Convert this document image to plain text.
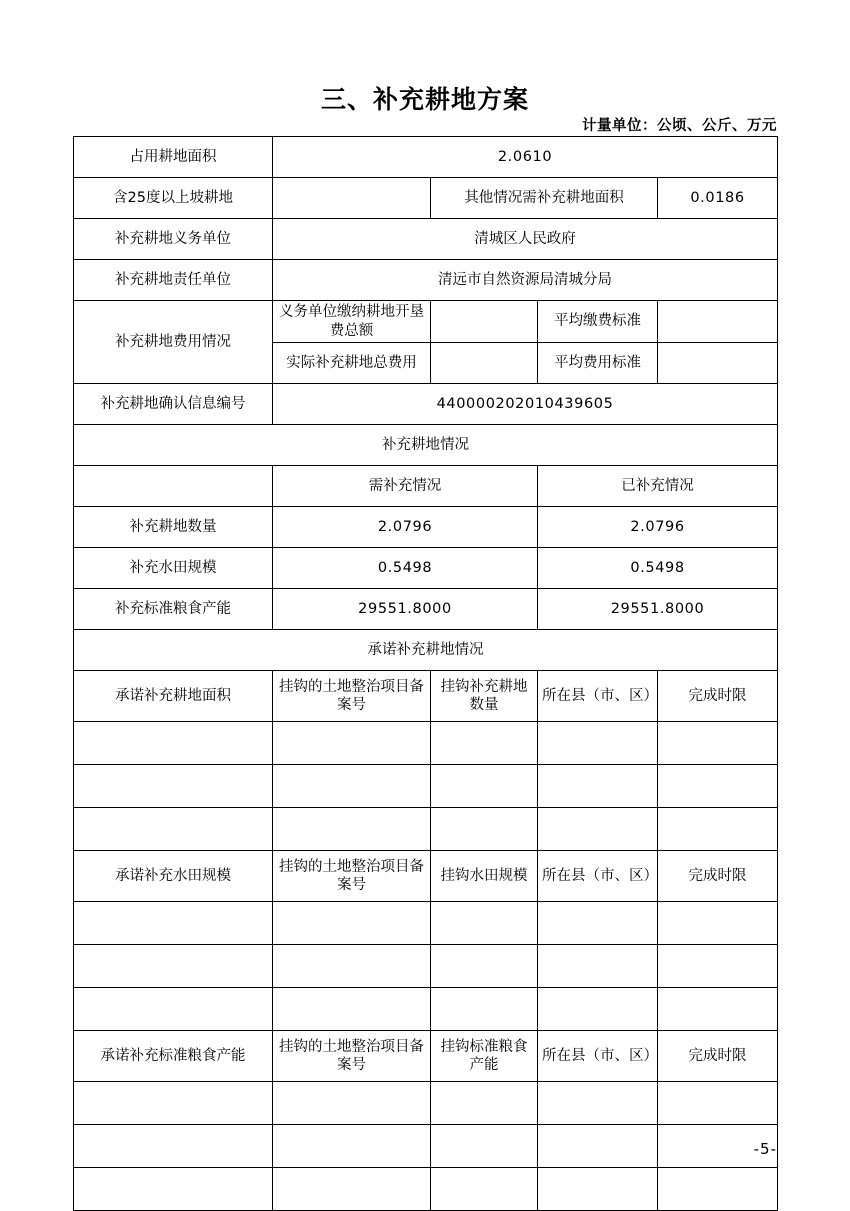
三、补充耕地方案
计量单位：公顷、公斤、万元
占用耕地面积	2.0610			
含25度以上坡耕地		其他情况需补充耕地面积		0.0186
补充耕地义务单位	清城区人民政府			
补充耕地责任单位	清远市自然资源局清城分局			
补充耕地费用情况	义务单位缴纳耕地开垦费总额		平均缴费标准	
	实际补充耕地总费用		平均费用标准	
补充耕地确认信息编号	440000202010439605			
补充耕地情况				
	需补充情况		已补充情况	
补充耕地数量	2.0796		2.0796	
补充水田规模	0.5498		0.5498	
补充标准粮食产能	29551.8000		29551.8000	
承诺补充耕地情况				
承诺补充耕地面积	挂钩的土地整治项目备案号	挂钩补充耕地数量	所在县（市、区）	完成时限

承诺补充水田规模	挂钩的土地整治项目备案号	挂钩水田规模	所在县（市、区）	完成时限

承诺补充标准粮食产能	挂钩的土地整治项目备案号	挂钩标准粮食产能	所在县（市、区）	完成时限

-5-
